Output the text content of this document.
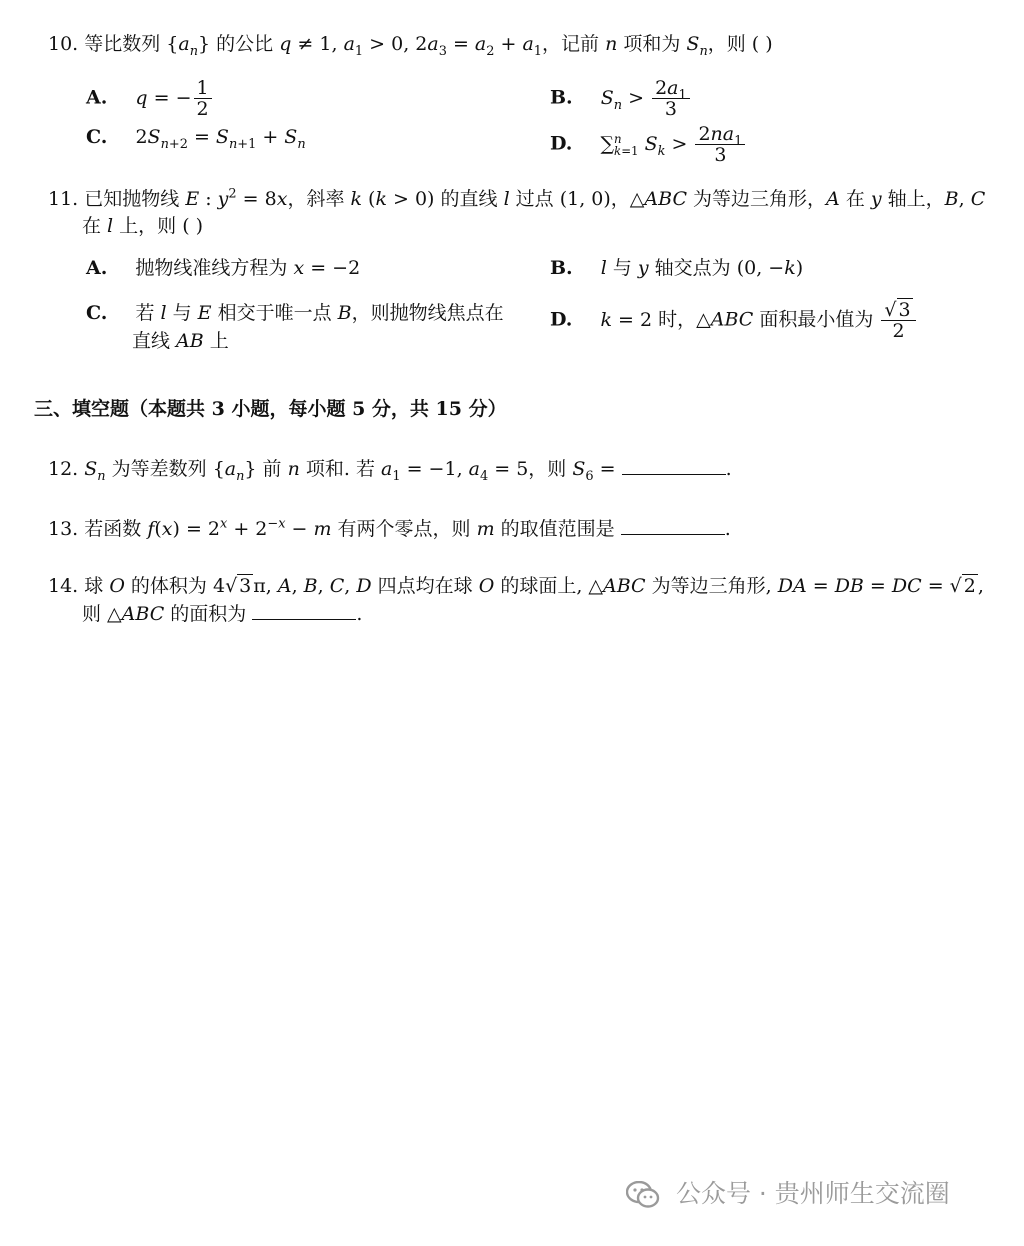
10. 等比数列 $\{a_n\}$ 的公比 q ≠ 1, $a_1 > 0$, $2a_3 = a_2 + a_1$，记前 n 项和为 $S_n$，则 ( )
A. q = − $\frac{1}{2}$	B. $S_n > \frac{2a_1}{3}$
C. $2S_{n+2} = S_{n+1} + S_n$	D. ∑ n
k=1 $S_k > \frac{2na_1}{3}$
11. 已知抛物线 E : $y^2 = 8x$，斜率 k (k > 0) 的直线 l 过点 (1, 0)，△ABC 为等边三角形，A 在 y 轴上，B, C
在 l 上，则 ( )
A. 抛物线准线方程为 x = −2	B. l 与 y 轴交点为 (0, −k)
C. 若 l 与 E 相交于唯一点 B，则抛物线焦点在
直线 AB 上
D. k = 2 时，△ABC 面积最小值为 $\frac{√ 3}{2}$
三、填空题（本题共 3 小题，每小题 5 分，共 15 分）
12. $S_n$ 为等差数列 $\{a_n\}$ 前 n 项和. 若 $a_1 = -1$, $a_4 = 5$，则 $S_6$ =	.
13. 若函数 $f(x) = 2^x + 2^{-x} - m$ 有两个零点，则 m 的取值范围是	.
14. 球 O 的体积为 4√ 3 π, A, B, C, D 四点均在球 O 的球面上, △ABC 为等边三角形, DA = DB = DC = √ 2 ,
则 △ABC 的面积为	.
公众号 · 贵州师生交流圈
